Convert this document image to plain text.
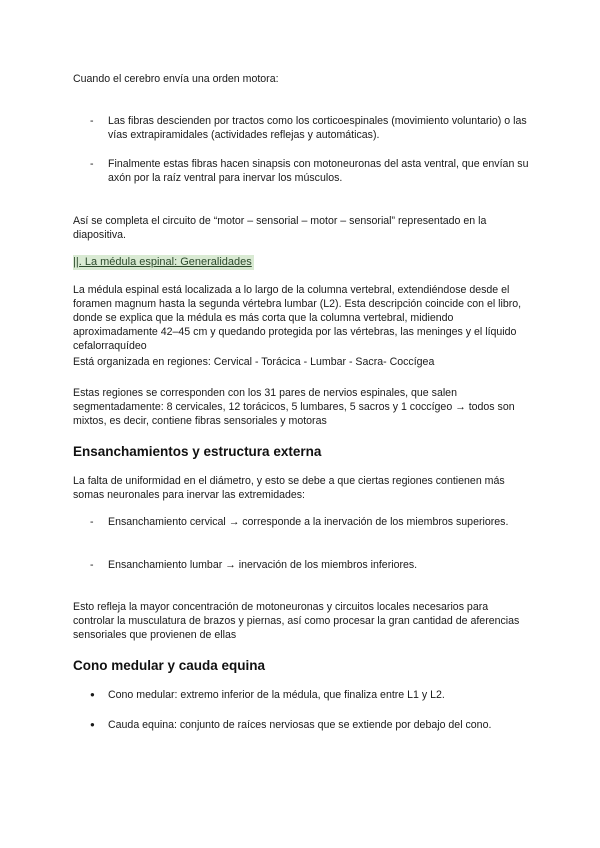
Cuando el cerebro envía una orden motora:

- Las fibras descienden por tractos como los corticoespinales (movimiento voluntario) o las vías extrapiramidales (actividades reflejas y automáticas).
- Finalmente estas fibras hacen sinapsis con motoneuronas del asta ventral, que envían su axón por la raíz ventral para inervar los músculos.

Así se completa el circuito de “motor – sensorial – motor – sensorial” representado en la diapositiva.

||. La médula espinal: Generalidades

La médula espinal está localizada a lo largo de la columna vertebral, extendiéndose desde el foramen magnum hasta la segunda vértebra lumbar (L2). Esta descripción coincide con el libro, donde se explica que la médula es más corta que la columna vertebral, midiendo aproximadamente 42–45 cm y quedando protegida por las vértebras, las meninges y el líquido cefalorraquídeo

Está organizada en regiones: Cervical - Torácica - Lumbar - Sacra- Coccígea

Estas regiones se corresponden con los 31 pares de nervios espinales, que salen segmentadamente: 8 cervicales, 12 torácicos, 5 lumbares, 5 sacros y 1 coccígeo → todos son mixtos, es decir, contiene fibras sensoriales y motoras

Ensanchamientos y estructura externa

La falta de uniformidad en el diámetro, y esto se debe a que ciertas regiones contienen más somas neuronales para inervar las extremidades:

- Ensanchamiento cervical → corresponde a la inervación de los miembros superiores.
- Ensanchamiento lumbar → inervación de los miembros inferiores.

Esto refleja la mayor concentración de motoneuronas y circuitos locales necesarios para controlar la musculatura de brazos y piernas, así como procesar la gran cantidad de aferencias sensoriales que provienen de ellas

Cono medular y cauda equina
● Cono medular: extremo inferior de la médula, que finaliza entre L1 y L2.
● Cauda equina: conjunto de raíces nerviosas que se extiende por debajo del cono.
